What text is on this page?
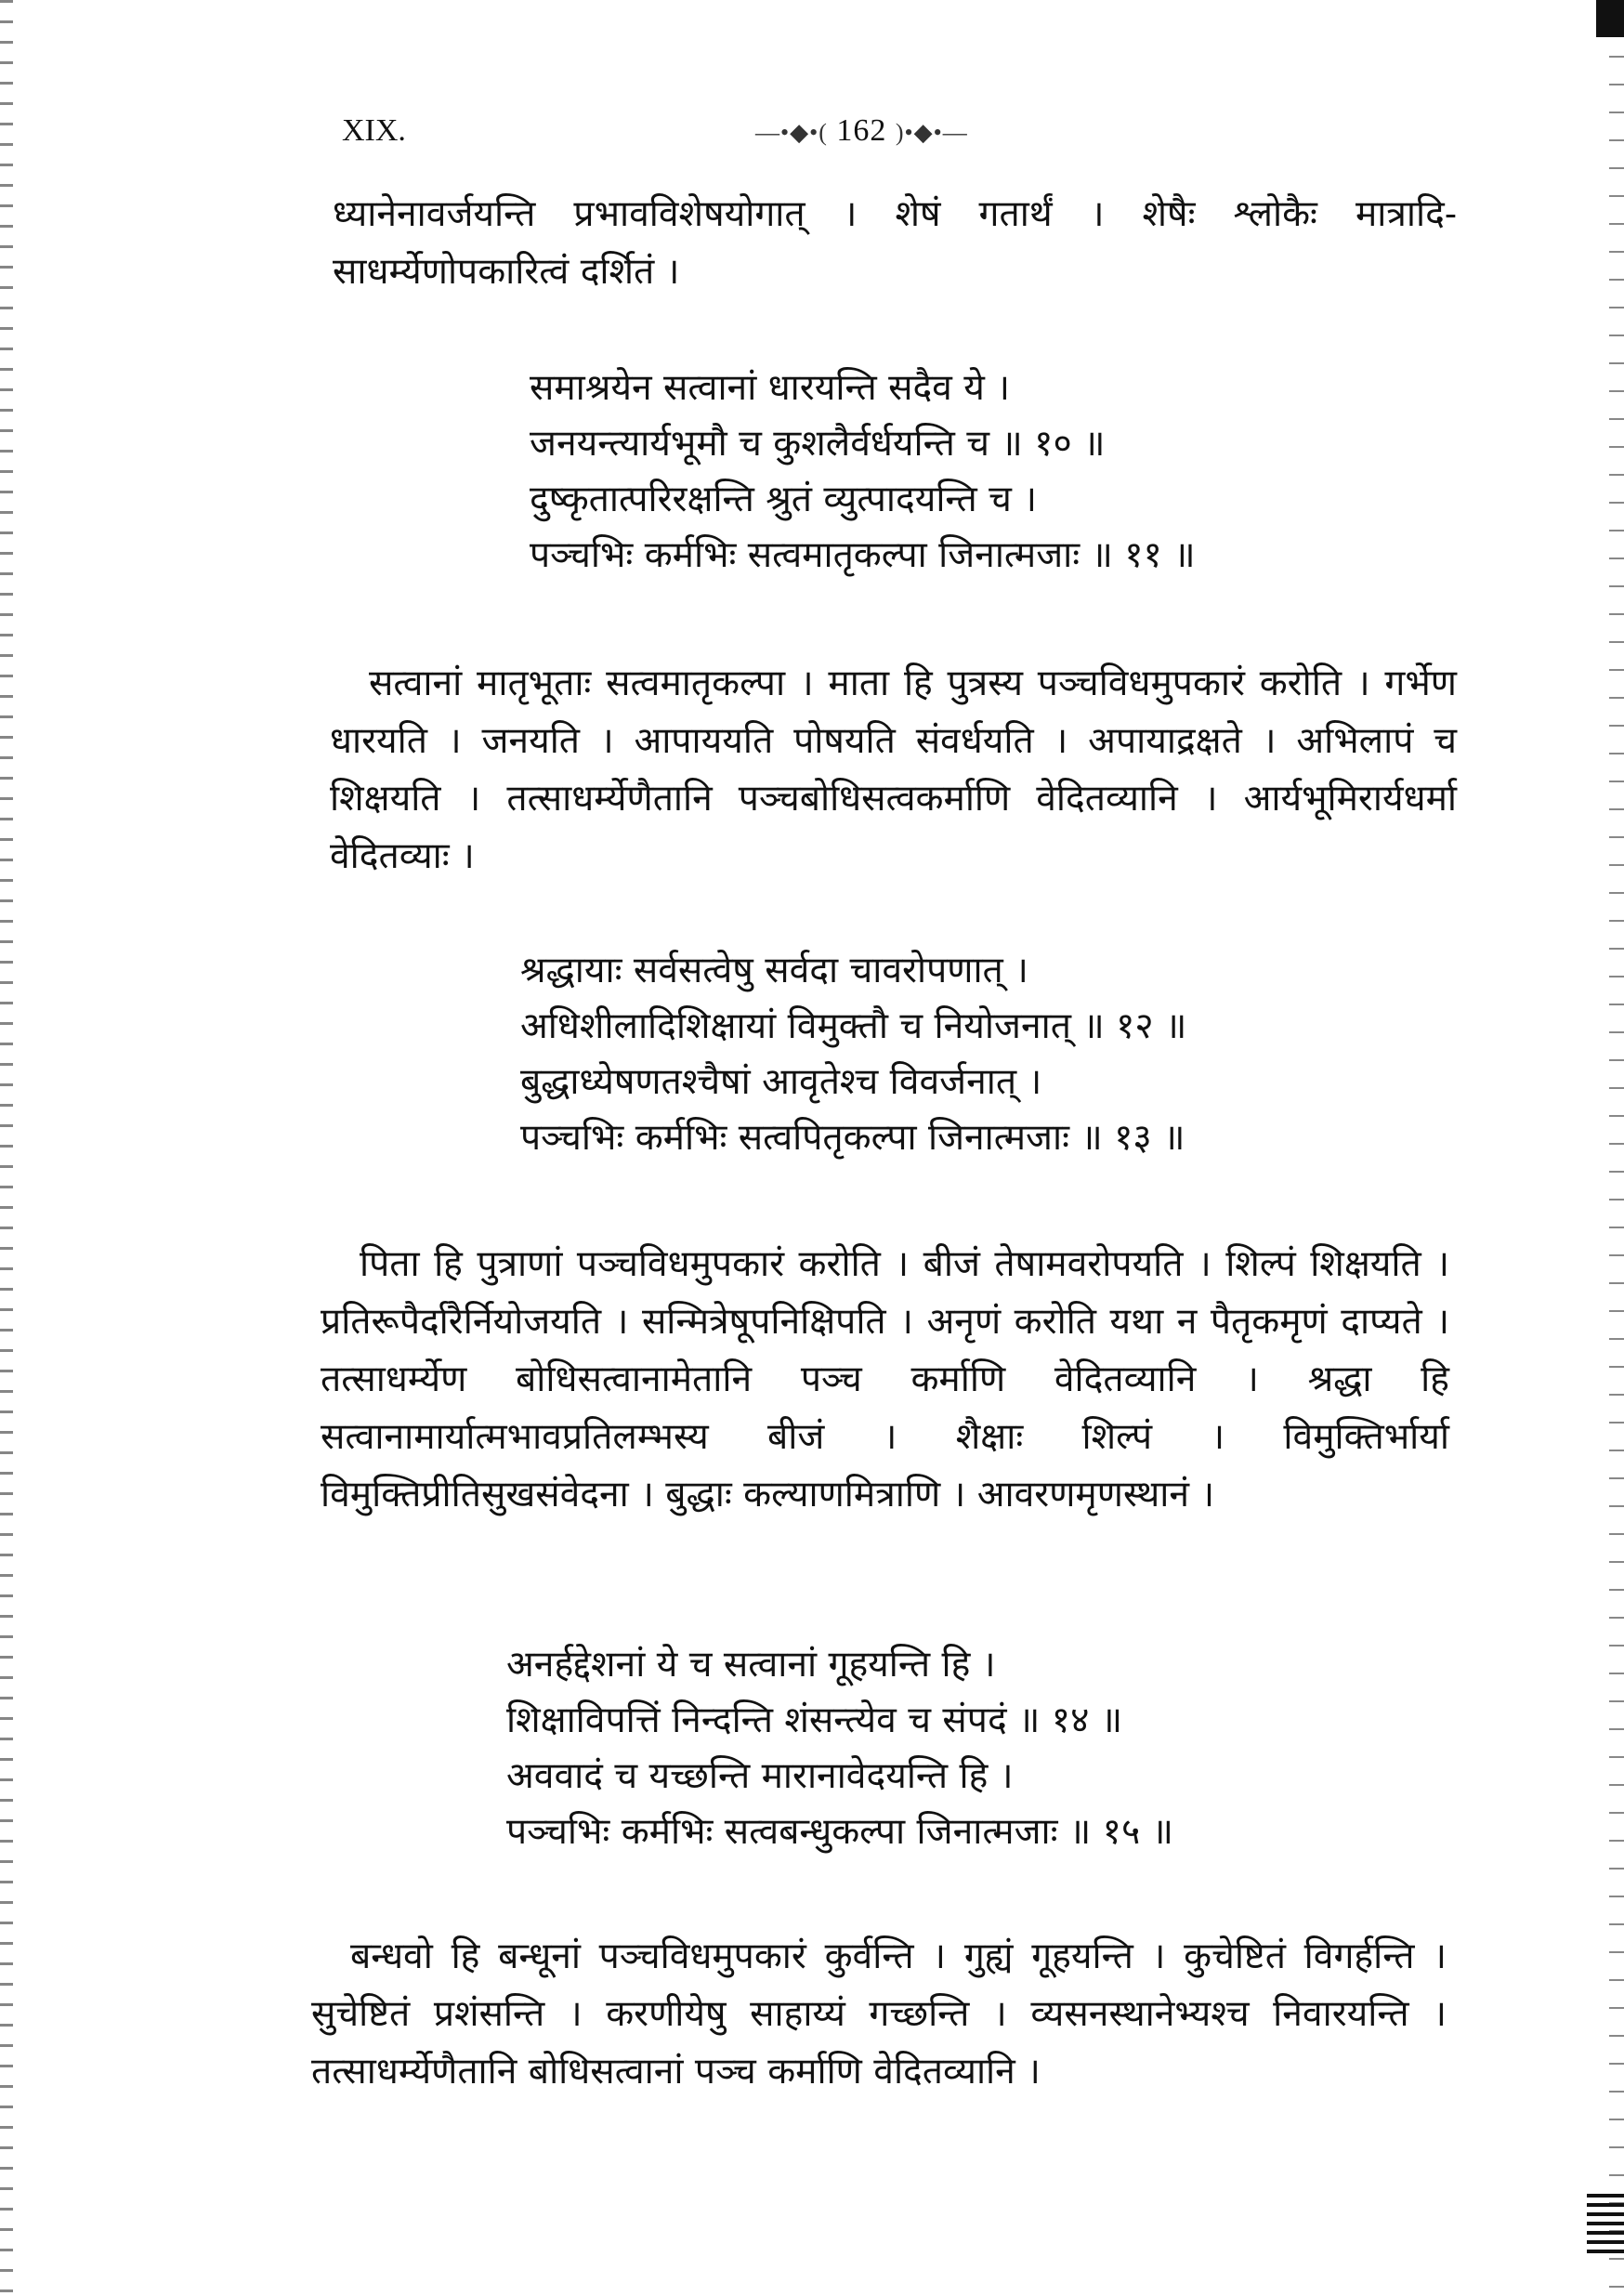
XIX.	—•◆•( 162 )•◆•—
ध्यानेनावर्जयन्ति प्रभावविशेषयोगात् । शेषं गतार्थं । शेषैः श्लोकैः मात्रादि-साधर्म्येणोपकारित्वं दर्शितं ।
समाश्रयेन सत्वानां धारयन्ति सदैव ये ।
जनयन्त्यार्यभूमौ च कुशलैर्वर्धयन्ति च ॥ १० ॥
दुष्कृतात्परिरक्षन्ति श्रुतं व्युत्पादयन्ति च ।
पञ्चभिः कर्मभिः सत्वमातृकल्पा जिनात्मजाः ॥ ११ ॥
सत्वानां मातृभूताः सत्वमातृकल्पा । माता हि पुत्रस्य पञ्चविधमुपकारं करोति । गर्भेण धारयति । जनयति । आपाययति पोषयति संवर्धयति । अपायाद्रक्षते । अभिलापं च शिक्षयति । तत्साधर्म्येणैतानि पञ्चबोधिसत्वकर्माणि वेदितव्यानि । आर्यभूमिरार्यधर्मा वेदितव्याः ।
श्रद्धायाः सर्वसत्वेषु सर्वदा चावरोपणात् ।
अधिशीलादिशिक्षायां विमुक्तौ च नियोजनात् ॥ १२ ॥
बुद्धाध्येषणतश्चैषां आवृतेश्च विवर्जनात् ।
पञ्चभिः कर्मभिः सत्वपितृकल्पा जिनात्मजाः ॥ १३ ॥
पिता हि पुत्राणां पञ्चविधमुपकारं करोति । बीजं तेषामवरोपयति । शिल्पं शिक्षयति । प्रतिरूपैर्दारैर्नियोजयति । सन्मित्रेषूपनिक्षिपति । अनृणं करोति यथा न पैतृकमृणं दाप्यते । तत्साधर्म्येण बोधिसत्वानामेतानि पञ्च कर्माणि वेदितव्यानि । श्रद्धा हि सत्वानामार्यात्मभावप्रतिलम्भस्य बीजं । शैक्षाः शिल्पं । विमुक्तिर्भार्या विमुक्तिप्रीतिसुखसंवेदना । बुद्धाः कल्याणमित्राणि । आवरणमृणस्थानं ।
अनर्हद्देशनां ये च सत्वानां गूहयन्ति हि ।
शिक्षाविपत्तिं निन्दन्ति शंसन्त्येव च संपदं ॥ १४ ॥
अववादं च यच्छन्ति मारानावेदयन्ति हि ।
पञ्चभिः कर्मभिः सत्वबन्धुकल्पा जिनात्मजाः ॥ १५ ॥
बन्धवो हि बन्धूनां पञ्चविधमुपकारं कुर्वन्ति । गुह्यं गूहयन्ति । कुचेष्टितं विगर्हन्ति । सुचेष्टितं प्रशंसन्ति । करणीयेषु साहाय्यं गच्छन्ति । व्यसनस्थानेभ्यश्च निवारयन्ति । तत्साधर्म्येणैतानि बोधिसत्वानां पञ्च कर्माणि वेदितव्यानि ।
